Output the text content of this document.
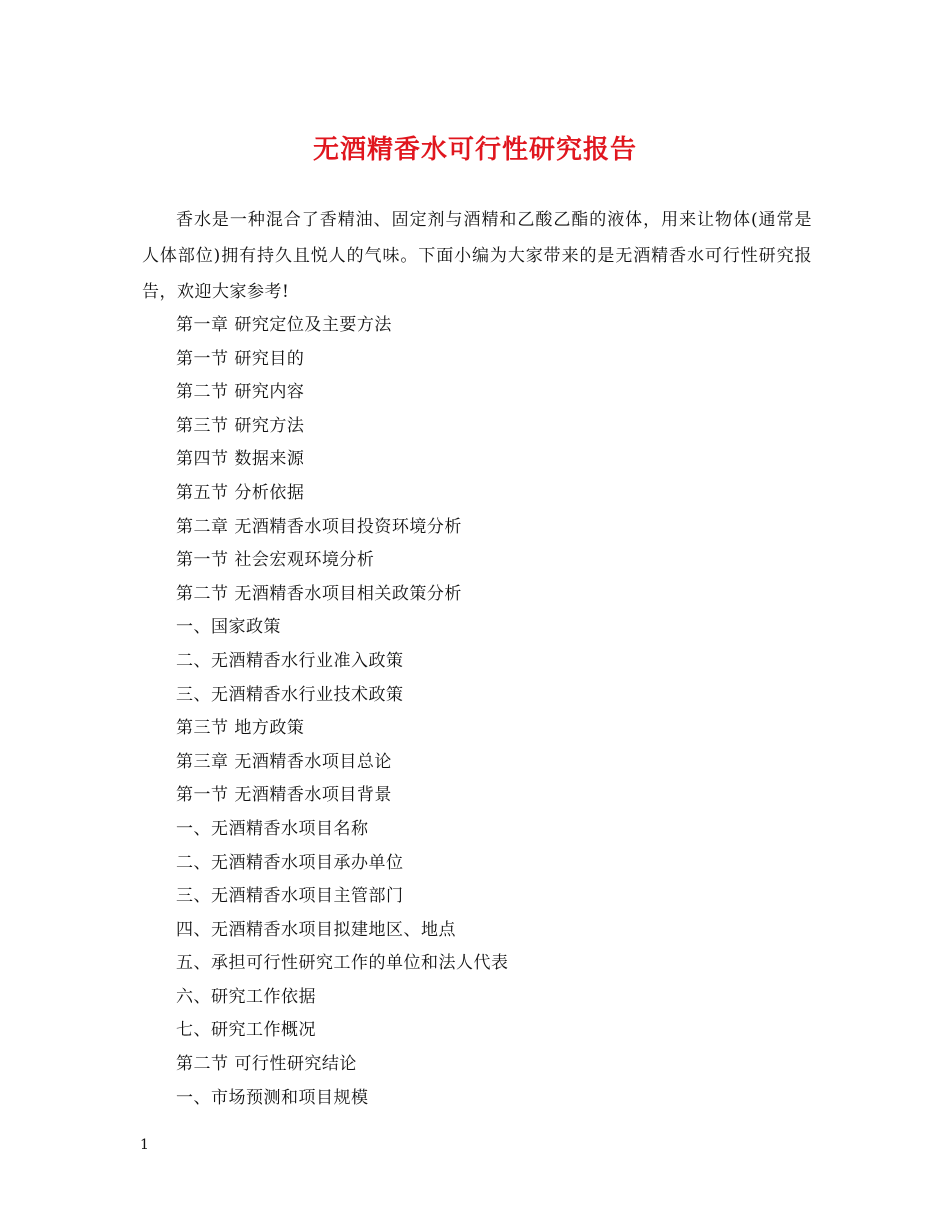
无酒精香水可行性研究报告

香水是一种混合了香精油、固定剂与酒精和乙酸乙酯的液体，用来让物体(通常是人体部位)拥有持久且悦人的气味。下面小编为大家带来的是无酒精香水可行性研究报告，欢迎大家参考!

第一章 研究定位及主要方法
第一节 研究目的
第二节 研究内容
第三节 研究方法
第四节 数据来源
第五节 分析依据
第二章 无酒精香水项目投资环境分析
第一节 社会宏观环境分析
第二节 无酒精香水项目相关政策分析
一、国家政策
二、无酒精香水行业准入政策
三、无酒精香水行业技术政策
第三节 地方政策
第三章 无酒精香水项目总论
第一节 无酒精香水项目背景
一、无酒精香水项目名称
二、无酒精香水项目承办单位
三、无酒精香水项目主管部门
四、无酒精香水项目拟建地区、地点
五、承担可行性研究工作的单位和法人代表
六、研究工作依据
七、研究工作概况
第二节 可行性研究结论
一、市场预测和项目规模
1
